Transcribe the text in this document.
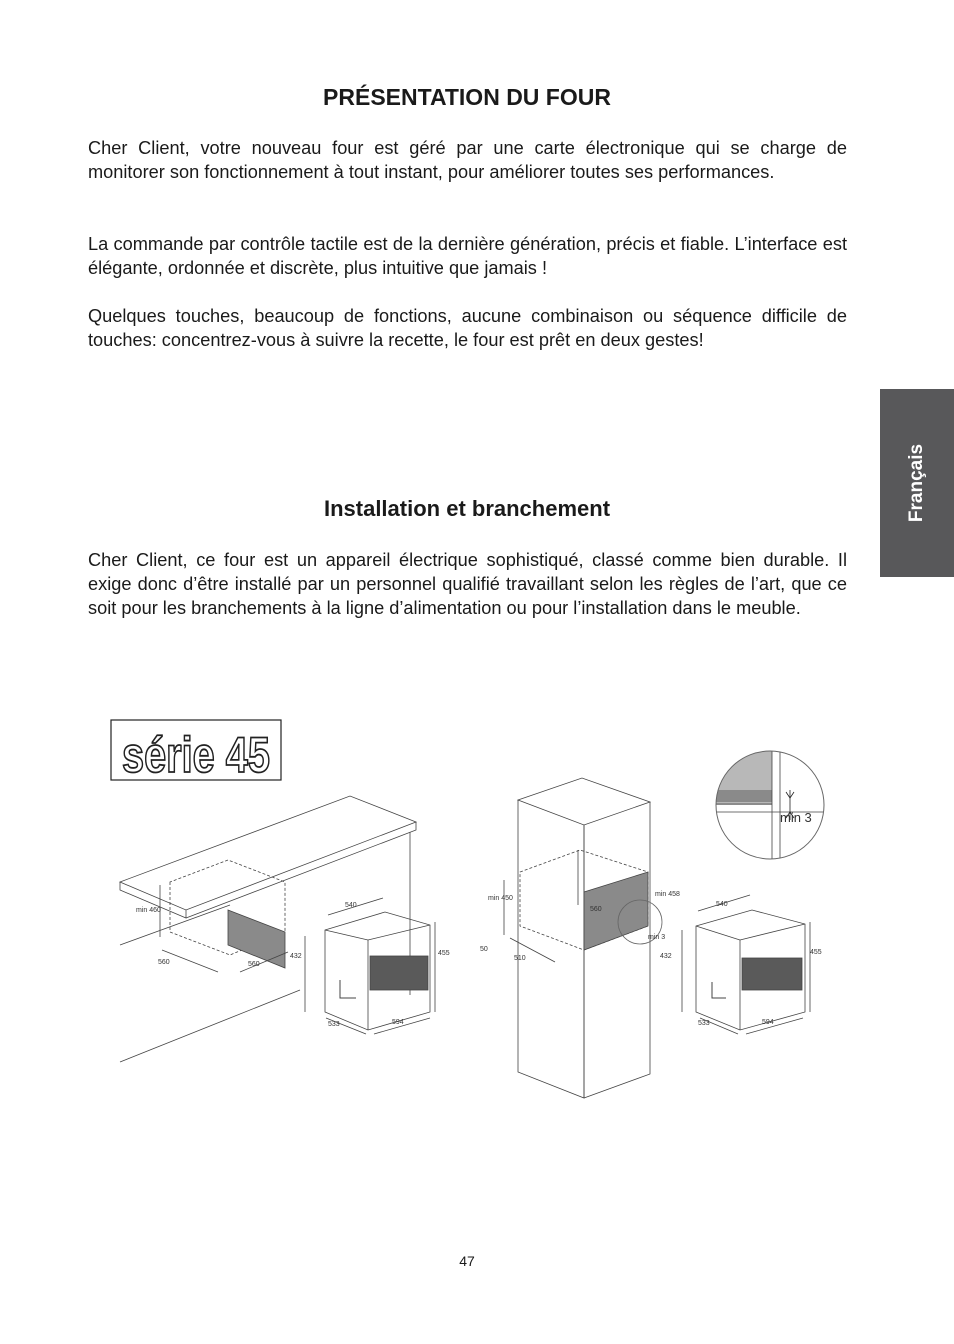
PRÉSENTATION DU FOUR

Cher Client, votre nouveau four est géré par une carte électronique qui se charge de monitorer son fonctionnement à tout instant, pour améliorer toutes ses performances.

La commande par contrôle tactile est de la dernière génération, précis et fiable. L’interface est élégante, ordonnée et discrète, plus intuitive que jamais !

Quelques touches, beaucoup de fonctions, aucune combinaison ou séquence difficile de touches: concentrez-vous à suivre la recette, le four est prêt en deux gestes!

Installation et branchement

Cher Client, ce four est un appareil électrique sophistiqué, classé comme bien durable. Il exige donc d’être installé par un personnel qualifié travaillant selon les règles de l’art, que ce soit pour les branchements à la ligne d’alimentation ou pour l’installation dans le meuble.

Français
série 45
min 460
560	560
540
432	455
533	594
min 450
min 458
560
50
510
min 3
540
432
455
533	594
min 3
47
